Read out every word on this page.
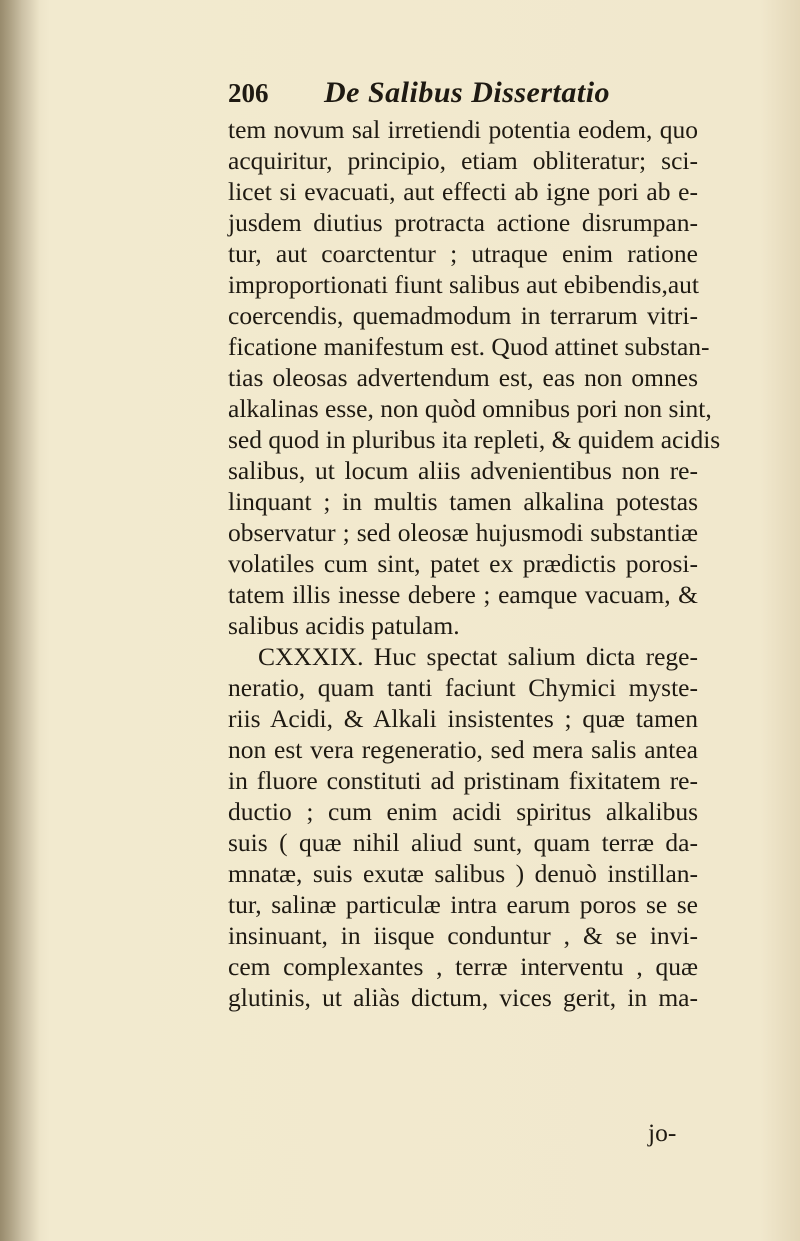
206 De Salibus Dissertatio
tem novum sal irretiendi potentia eodem, quo
acquiritur, principio, etiam obliteratur; sci-
licet si evacuati, aut effecti ab igne pori ab e-
jusdem diutius protracta actione disrumpan-
tur, aut coarctentur ; utraque enim ratione
improportionati fiunt salibus aut ebibendis,aut
coercendis, quemadmodum in terrarum vitri-
ficatione manifestum est. Quod attinet substan-
tias oleosas advertendum est, eas non omnes
alkalinas esse, non quòd omnibus pori non sint,
sed quod in pluribus ita repleti, & quidem acidis
salibus, ut locum aliis advenientibus non re-
linquant ; in multis tamen alkalina potestas
observatur ; sed oleosæ hujusmodi substantiæ
volatiles cum sint, patet ex prædictis porosi-
tatem illis inesse debere ; eamque vacuam, &
salibus acidis patulam.
CXXXIX. Huc spectat salium dicta rege-
neratio, quam tanti faciunt Chymici myste-
riis Acidi, & Alkali insistentes ; quæ tamen
non est vera regeneratio, sed mera salis antea
in fluore constituti ad pristinam fixitatem re-
ductio ; cum enim acidi spiritus alkalibus
suis ( quæ nihil aliud sunt, quam terræ da-
mnatæ, suis exutæ salibus ) denuò instillan-
tur, salinæ particulæ intra earum poros se se
insinuant, in iisque conduntur , & se invi-
cem complexantes , terræ interventu , quæ
glutinis, ut aliàs dictum, vices gerit, in ma-
jo-
